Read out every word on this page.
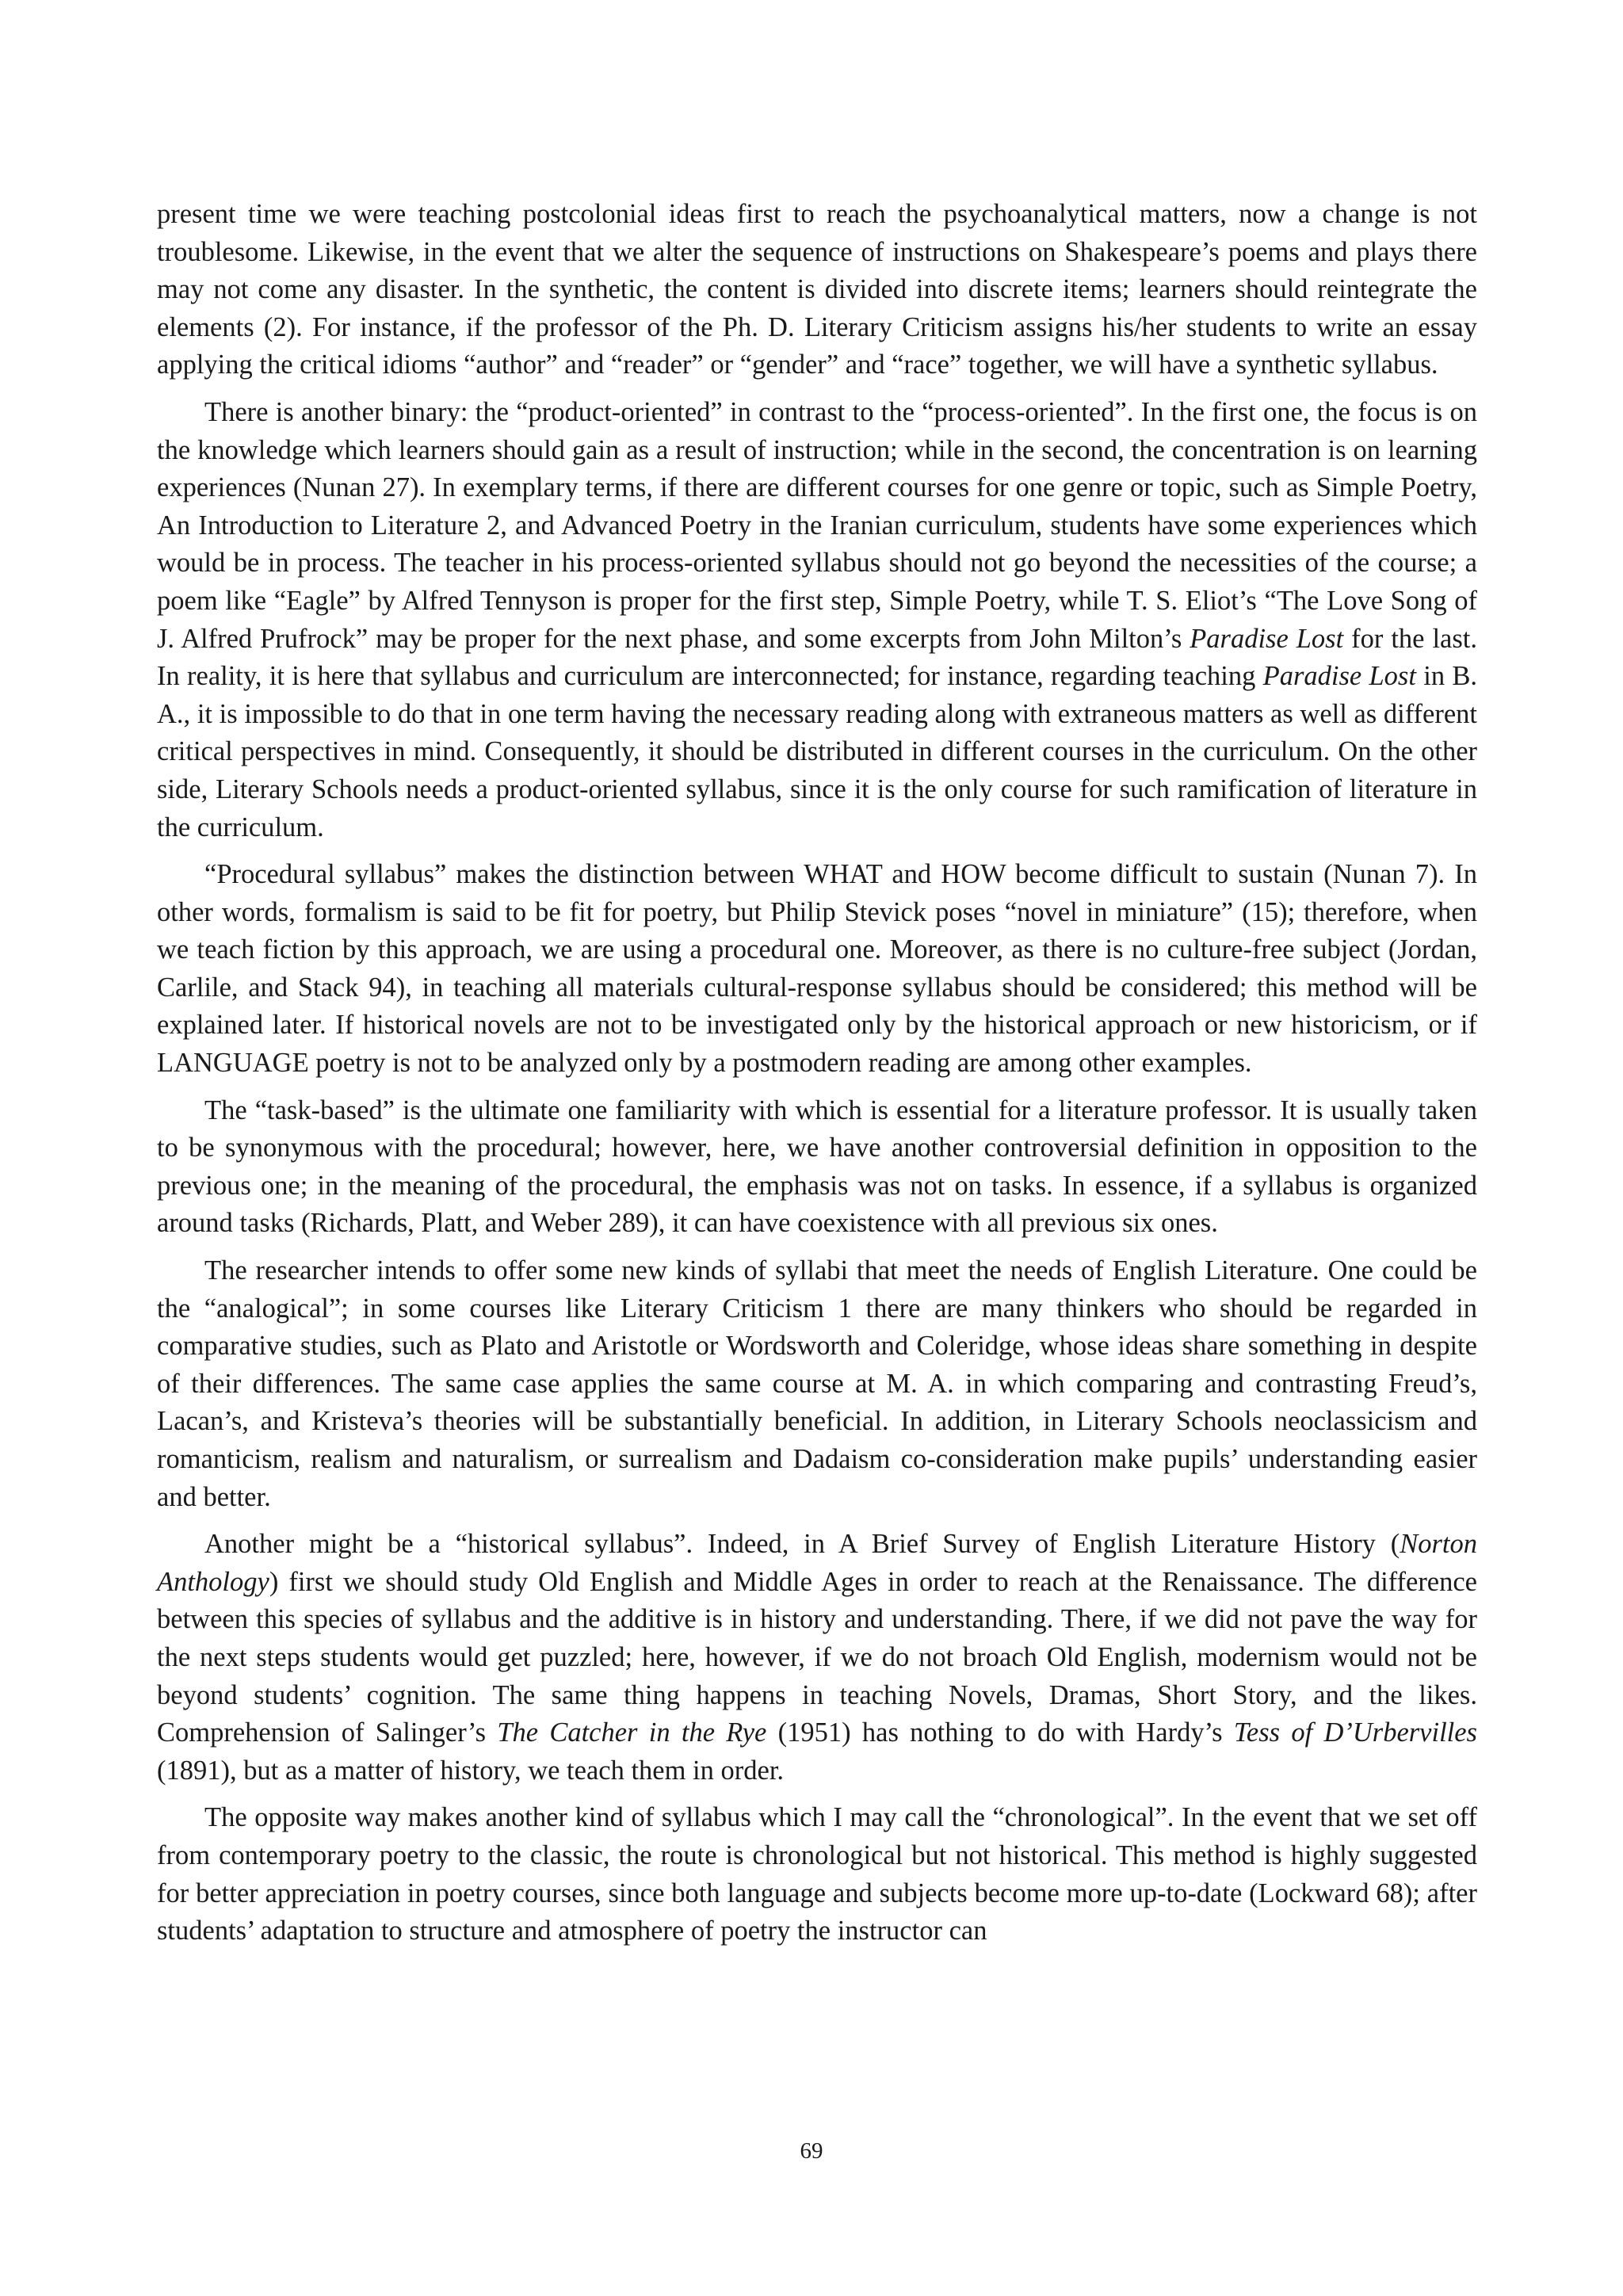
present time we were teaching postcolonial ideas first to reach the psychoanalytical matters, now a change is not troublesome. Likewise, in the event that we alter the sequence of instructions on Shakespeare’s poems and plays there may not come any disaster. In the synthetic, the content is divided into discrete items; learners should reintegrate the elements (2). For instance, if the professor of the Ph. D. Literary Criticism assigns his/her students to write an essay applying the critical idioms “author” and “reader” or “gender” and “race” together, we will have a synthetic syllabus.

There is another binary: the “product-oriented” in contrast to the “process-oriented”. In the first one, the focus is on the knowledge which learners should gain as a result of instruction; while in the second, the concentration is on learning experiences (Nunan 27). In exemplary terms, if there are different courses for one genre or topic, such as Simple Poetry, An Introduction to Literature 2, and Advanced Poetry in the Iranian curriculum, students have some experiences which would be in process. The teacher in his process-oriented syllabus should not go beyond the necessities of the course; a poem like “Eagle” by Alfred Tennyson is proper for the first step, Simple Poetry, while T. S. Eliot’s “The Love Song of J. Alfred Prufrock” may be proper for the next phase, and some excerpts from John Milton’s Paradise Lost for the last. In reality, it is here that syllabus and curriculum are interconnected; for instance, regarding teaching Paradise Lost in B. A., it is impossible to do that in one term having the necessary reading along with extraneous matters as well as different critical perspectives in mind. Consequently, it should be distributed in different courses in the curriculum. On the other side, Literary Schools needs a product-oriented syllabus, since it is the only course for such ramification of literature in the curriculum.

“Procedural syllabus” makes the distinction between WHAT and HOW become difficult to sustain (Nunan 7). In other words, formalism is said to be fit for poetry, but Philip Stevick poses “novel in miniature” (15); therefore, when we teach fiction by this approach, we are using a procedural one. Moreover, as there is no culture-free subject (Jordan, Carlile, and Stack 94), in teaching all materials cultural-response syllabus should be considered; this method will be explained later. If historical novels are not to be investigated only by the historical approach or new historicism, or if LANGUAGE poetry is not to be analyzed only by a postmodern reading are among other examples.

The “task-based” is the ultimate one familiarity with which is essential for a literature professor. It is usually taken to be synonymous with the procedural; however, here, we have another controversial definition in opposition to the previous one; in the meaning of the procedural, the emphasis was not on tasks. In essence, if a syllabus is organized around tasks (Richards, Platt, and Weber 289), it can have coexistence with all previous six ones.

The researcher intends to offer some new kinds of syllabi that meet the needs of English Literature. One could be the “analogical”; in some courses like Literary Criticism 1 there are many thinkers who should be regarded in comparative studies, such as Plato and Aristotle or Wordsworth and Coleridge, whose ideas share something in despite of their differences. The same case applies the same course at M. A. in which comparing and contrasting Freud’s, Lacan’s, and Kristeva’s theories will be substantially beneficial. In addition, in Literary Schools neoclassicism and romanticism, realism and naturalism, or surrealism and Dadaism co-consideration make pupils’ understanding easier and better.

Another might be a “historical syllabus”. Indeed, in A Brief Survey of English Literature History (Norton Anthology) first we should study Old English and Middle Ages in order to reach at the Renaissance. The difference between this species of syllabus and the additive is in history and understanding. There, if we did not pave the way for the next steps students would get puzzled; here, however, if we do not broach Old English, modernism would not be beyond students’ cognition. The same thing happens in teaching Novels, Dramas, Short Story, and the likes. Comprehension of Salinger’s The Catcher in the Rye (1951) has nothing to do with Hardy’s Tess of D’Urbervilles (1891), but as a matter of history, we teach them in order.

The opposite way makes another kind of syllabus which I may call the “chronological”. In the event that we set off from contemporary poetry to the classic, the route is chronological but not historical. This method is highly suggested for better appreciation in poetry courses, since both language and subjects become more up-to-date (Lockward 68); after students’ adaptation to structure and atmosphere of poetry the instructor can

69
